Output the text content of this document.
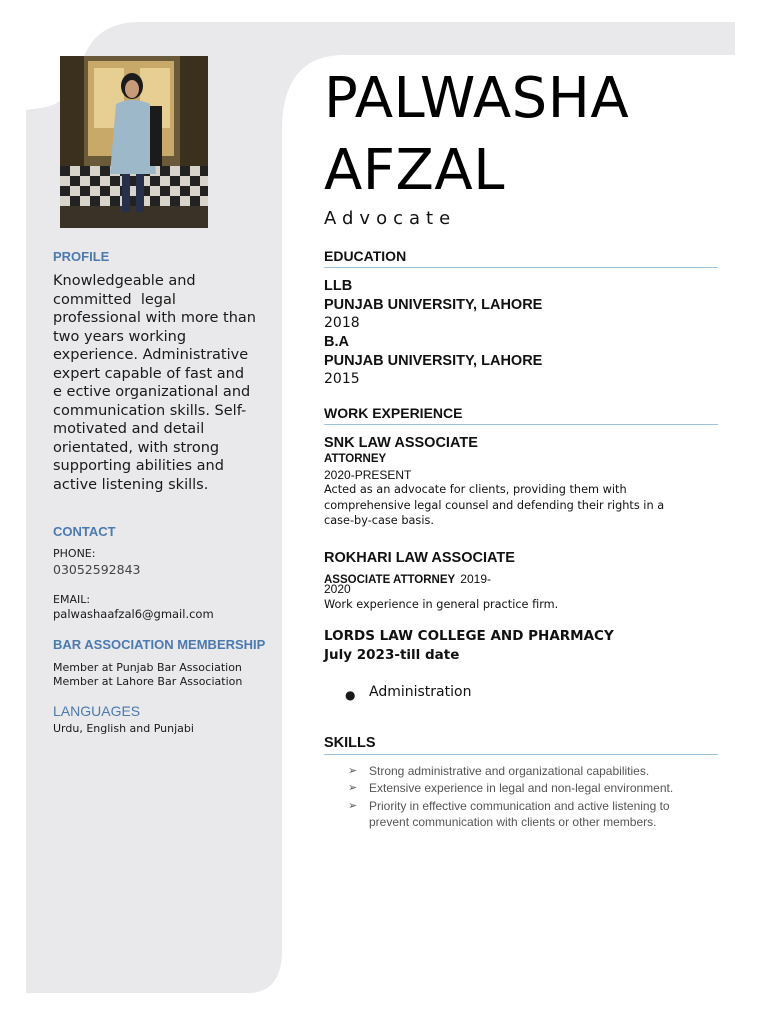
PROFILE
Knowledgeable and
committed  legal
professional with more than
two years working
experience. Administrative
expert capable of fast and
e ective organizational and
communication skills. Self-
motivated and detail
orientated, with strong
supporting abilities and
active listening skills.
CONTACT
PHONE:
03052592843
EMAIL:
palwashaafzal6@gmail.com
BAR ASSOCIATION MEMBERSHIP
Member at Punjab Bar Association
Member at Lahore Bar Association
LANGUAGES
Urdu, English and Punjabi
PALWASHA
AFZAL
Advocate
EDUCATION
LLB
PUNJAB UNIVERSITY, LAHORE
2018
B.A
PUNJAB UNIVERSITY, LAHORE
2015
WORK EXPERIENCE
SNK LAW ASSOCIATE
ATTORNEY
2020-PRESENT
Acted as an advocate for clients, providing them with
comprehensive legal counsel and defending their rights in a
case-by-case basis.
ROKHARI LAW ASSOCIATE
ASSOCIATE ATTORNEY 2019-
2020
Work experience in general practice firm.
LORDS LAW COLLEGE AND PHARMACY
July 2023-till date
● Administration
SKILLS
➢ Strong administrative and organizational capabilities.
➢ Extensive experience in legal and non-legal environment.
➢ Priority in effective communication and active listening to
prevent communication with clients or other members.
